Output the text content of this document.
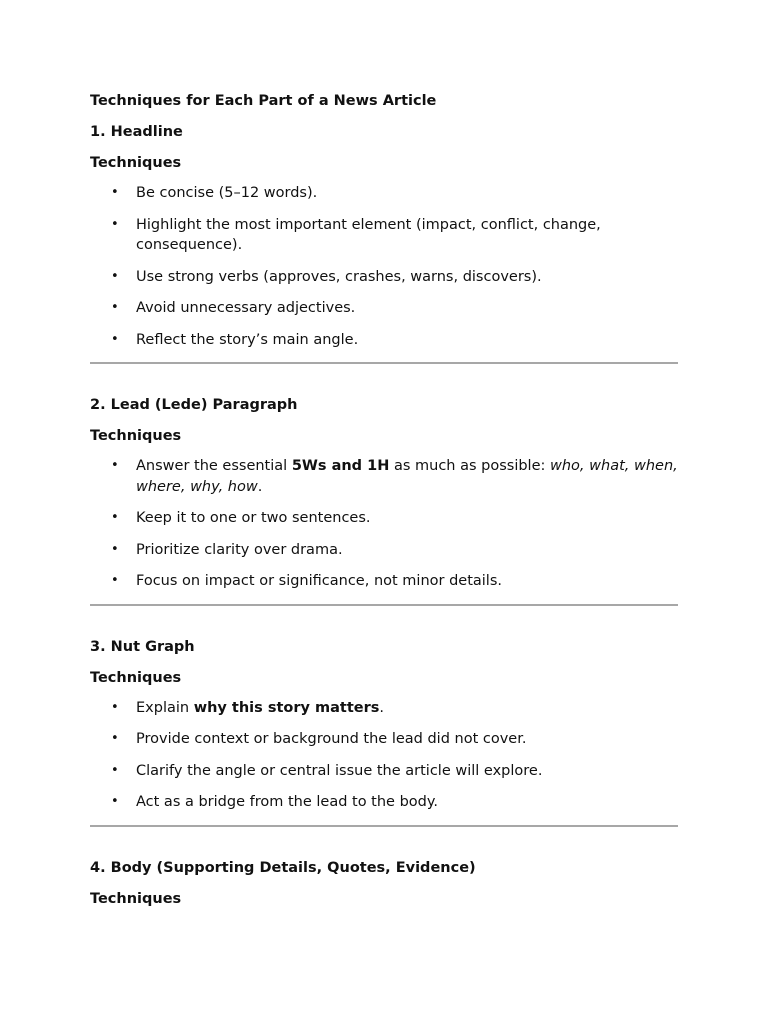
Techniques for Each Part of a News Article

1. Headline

Techniques

• Be concise (5–12 words).
• Highlight the most important element (impact, conflict, change, consequence).
• Use strong verbs (approves, crashes, warns, discovers).
• Avoid unnecessary adjectives.
• Reflect the story’s main angle.

2. Lead (Lede) Paragraph

Techniques

• Answer the essential 5Ws and 1H as much as possible: who, what, when, where, why, how.
• Keep it to one or two sentences.
• Prioritize clarity over drama.
• Focus on impact or significance, not minor details.

3. Nut Graph

Techniques

• Explain why this story matters.
• Provide context or background the lead did not cover.
• Clarify the angle or central issue the article will explore.
• Act as a bridge from the lead to the body.

4. Body (Supporting Details, Quotes, Evidence)

Techniques
